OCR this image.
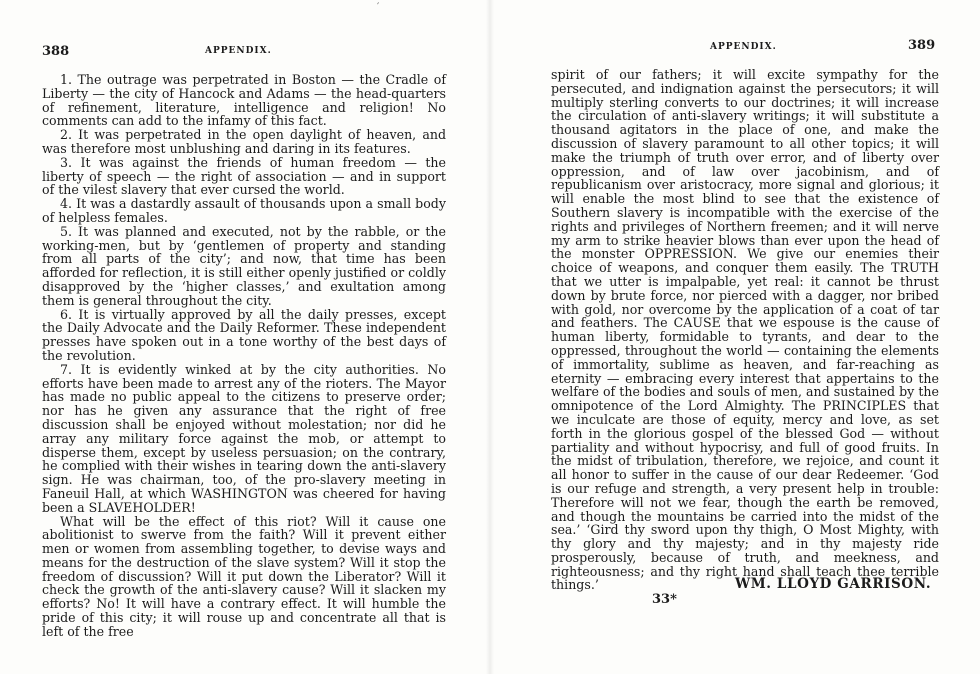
′
388	APPENDIX.

1. The outrage was perpetrated in Boston — the Cradle of Liberty — the city of Hancock and Adams — the head-quarters of refinement, literature, intelligence and religion! No comments can add to the infamy of this fact.

2. It was perpetrated in the open daylight of heaven, and was therefore most unblushing and daring in its features.

3. It was against the friends of human freedom — the liberty of speech — the right of association — and in support of the vilest slavery that ever cursed the world.

4. It was a dastardly assault of thousands upon a small body of helpless females.

5. It was planned and executed, not by the rabble, or the working-men, but by ‘gentlemen of property and standing from all parts of the city’; and now, that time has been afforded for reflection, it is still either openly justified or coldly disapproved by the ‘higher classes,’ and exultation among them is general throughout the city.

6. It is virtually approved by all the daily presses, except the Daily Advocate and the Daily Reformer. These independent presses have spoken out in a tone worthy of the best days of the revolution.

7. It is evidently winked at by the city authorities. No efforts have been made to arrest any of the rioters. The Mayor has made no public appeal to the citizens to preserve order; nor has he given any assurance that the right of free discussion shall be enjoyed without molestation; nor did he array any military force against the mob, or attempt to disperse them, except by useless persuasion; on the contrary, he complied with their wishes in tearing down the anti-slavery sign. He was chairman, too, of the pro-slavery meeting in Faneuil Hall, at which WASHINGTON was cheered for having been a SLAVEHOLDER!

What will be the effect of this riot? Will it cause one abolitionist to swerve from the faith? Will it prevent either men or women from assembling together, to devise ways and means for the destruction of the slave system? Will it stop the freedom of discussion? Will it put down the Liberator? Will it check the growth of the anti-slavery cause? Will it slacken my efforts? No! It will have a contrary effect. It will humble the pride of this city; it will rouse up and concentrate all that is left of the free

APPENDIX.	389

spirit of our fathers; it will excite sympathy for the persecuted, and indignation against the persecutors; it will multiply sterling converts to our doctrines; it will increase the circulation of anti-slavery writings; it will substitute a thousand agitators in the place of one, and make the discussion of slavery paramount to all other topics; it will make the triumph of truth over error, and of liberty over oppression, and of law over jacobinism, and of republicanism over aristocracy, more signal and glorious; it will enable the most blind to see that the existence of Southern slavery is incompatible with the exercise of the rights and privileges of Northern freemen; and it will nerve my arm to strike heavier blows than ever upon the head of the monster OPPRESSION. We give our enemies their choice of weapons, and conquer them easily. The TRUTH that we utter is impalpable, yet real: it cannot be thrust down by brute force, nor pierced with a dagger, nor bribed with gold, nor overcome by the application of a coat of tar and feathers. The CAUSE that we espouse is the cause of human liberty, formidable to tyrants, and dear to the oppressed, throughout the world — containing the elements of immortality, sublime as heaven, and far-reaching as eternity — embracing every interest that appertains to the welfare of the bodies and souls of men, and sustained by the omnipotence of the Lord Almighty. The PRINCIPLES that we inculcate are those of equity, mercy and love, as set forth in the glorious gospel of the blessed God — without partiality and without hypocrisy, and full of good fruits. In the midst of tribulation, therefore, we rejoice, and count it all honor to suffer in the cause of our dear Redeemer. ‘God is our refuge and strength, a very present help in trouble: Therefore will not we fear, though the earth be removed, and though the mountains be carried into the midst of the sea.’ ‘Gird thy sword upon thy thigh, O Most Mighty, with thy glory and thy majesty; and in thy majesty ride prosperously, because of truth, and meekness, and righteousness; and thy right hand shall teach thee terrible things.’	WM. LLOYD GARRISON.
33*
